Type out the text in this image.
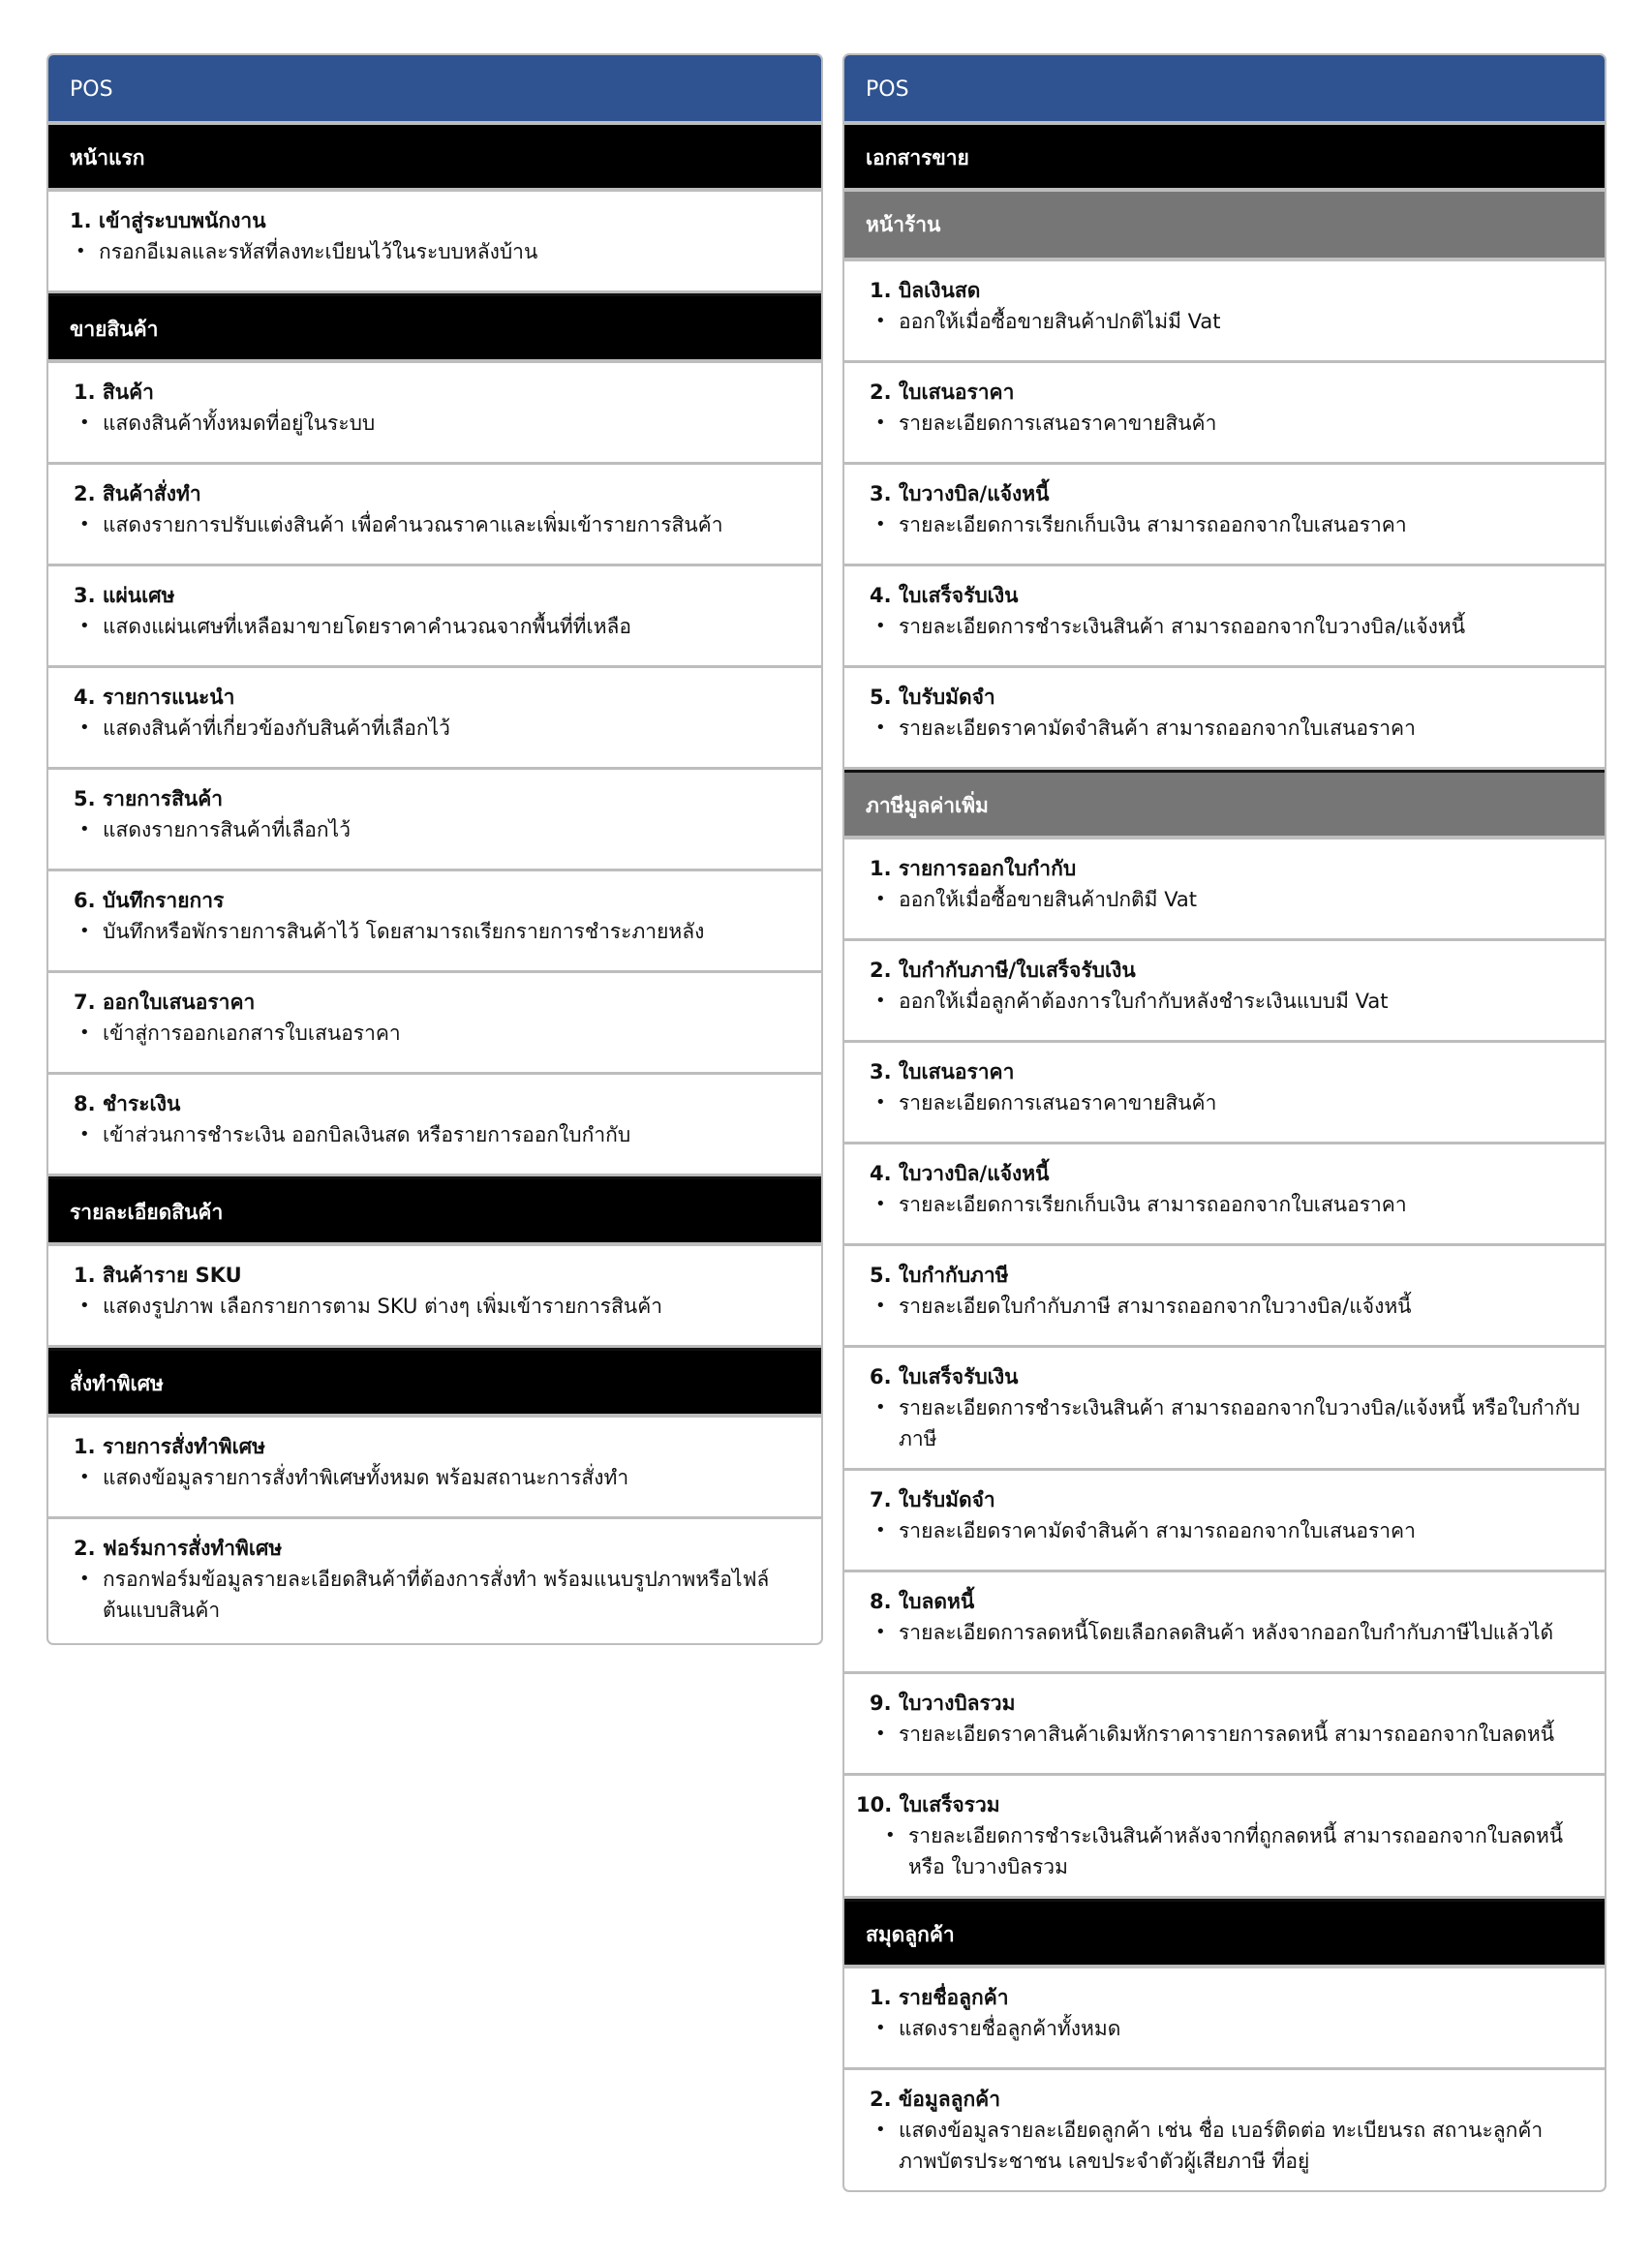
POS
หน้าแรก
1. เข้าสู่ระบบพนักงาน
• กรอกอีเมลและรหัสที่ลงทะเบียนไว้ในระบบหลังบ้าน
ขายสินค้า
1. สินค้า
• แสดงสินค้าทั้งหมดที่อยู่ในระบบ
2. สินค้าสั่งทำ
• แสดงรายการปรับแต่งสินค้า เพื่อคำนวณราคาและเพิ่มเข้ารายการสินค้า
3. แผ่นเศษ
• แสดงแผ่นเศษที่เหลือมาขายโดยราคาคำนวณจากพื้นที่ที่เหลือ
4. รายการแนะนำ
• แสดงสินค้าที่เกี่ยวข้องกับสินค้าที่เลือกไว้
5. รายการสินค้า
• แสดงรายการสินค้าที่เลือกไว้
6. บันทึกรายการ
• บันทึกหรือพักรายการสินค้าไว้ โดยสามารถเรียกรายการชำระภายหลัง
7. ออกใบเสนอราคา
• เข้าสู่การออกเอกสารใบเสนอราคา
8. ชำระเงิน
• เข้าส่วนการชำระเงิน ออกบิลเงินสด หรือรายการออกใบกำกับ
รายละเอียดสินค้า
1. สินค้าราย SKU
• แสดงรูปภาพ เลือกรายการตาม SKU ต่างๆ เพิ่มเข้ารายการสินค้า
สั่งทำพิเศษ
1. รายการสั่งทำพิเศษ
• แสดงข้อมูลรายการสั่งทำพิเศษทั้งหมด พร้อมสถานะการสั่งทำ
2. ฟอร์มการสั่งทำพิเศษ
• กรอกฟอร์มข้อมูลรายละเอียดสินค้าที่ต้องการสั่งทำ พร้อมแนบรูปภาพหรือไฟล์ต้นแบบสินค้า
POS
เอกสารขาย
หน้าร้าน
1. บิลเงินสด
• ออกให้เมื่อซื้อขายสินค้าปกติไม่มี Vat
2. ใบเสนอราคา
• รายละเอียดการเสนอราคาขายสินค้า
3. ใบวางบิล/แจ้งหนี้
• รายละเอียดการเรียกเก็บเงิน สามารถออกจากใบเสนอราคา
4. ใบเสร็จรับเงิน
• รายละเอียดการชำระเงินสินค้า สามารถออกจากใบวางบิล/แจ้งหนี้
5. ใบรับมัดจำ
• รายละเอียดราคามัดจำสินค้า สามารถออกจากใบเสนอราคา
ภาษีมูลค่าเพิ่ม
1. รายการออกใบกำกับ
• ออกให้เมื่อซื้อขายสินค้าปกติมี Vat
2. ใบกำกับภาษี/ใบเสร็จรับเงิน
• ออกให้เมื่อลูกค้าต้องการใบกำกับหลังชำระเงินแบบมี Vat
3. ใบเสนอราคา
• รายละเอียดการเสนอราคาขายสินค้า
4. ใบวางบิล/แจ้งหนี้
• รายละเอียดการเรียกเก็บเงิน สามารถออกจากใบเสนอราคา
5. ใบกำกับภาษี
• รายละเอียดใบกำกับภาษี สามารถออกจากใบวางบิล/แจ้งหนี้
6. ใบเสร็จรับเงิน
• รายละเอียดการชำระเงินสินค้า สามารถออกจากใบวางบิล/แจ้งหนี้ หรือใบกำกับภาษี
7. ใบรับมัดจำ
• รายละเอียดราคามัดจำสินค้า สามารถออกจากใบเสนอราคา
8. ใบลดหนี้
• รายละเอียดการลดหนี้โดยเลือกลดสินค้า หลังจากออกใบกำกับภาษีไปแล้วได้
9. ใบวางบิลรวม
• รายละเอียดราคาสินค้าเดิมหักราคารายการลดหนี้ สามารถออกจากใบลดหนี้
10. ใบเสร็จรวม
• รายละเอียดการชำระเงินสินค้าหลังจากที่ถูกลดหนี้ สามารถออกจากใบลดหนี้ หรือ ใบวางบิลรวม
สมุดลูกค้า
1. รายชื่อลูกค้า
• แสดงรายชื่อลูกค้าทั้งหมด
2. ข้อมูลลูกค้า
• แสดงข้อมูลรายละเอียดลูกค้า เช่น ชื่อ เบอร์ติดต่อ ทะเบียนรถ สถานะลูกค้า ภาพบัตรประชาชน เลขประจำตัวผู้เสียภาษี ที่อยู่
